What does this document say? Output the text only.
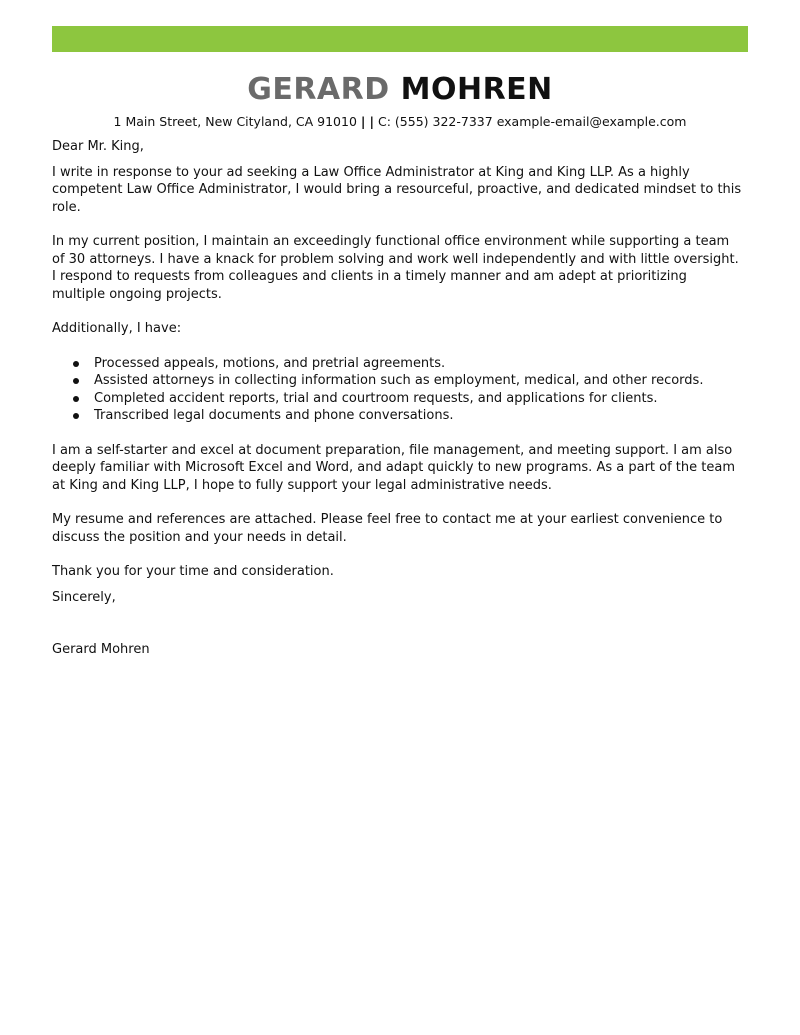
GERARD MOHREN
1 Main Street, New Cityland, CA 91010 | | C: (555) 322-7337 example-email@example.com

Dear Mr. King,

I write in response to your ad seeking a Law Office Administrator at King and King LLP. As a highly competent Law Office Administrator, I would bring a resourceful, proactive, and dedicated mindset to this role.

In my current position, I maintain an exceedingly functional office environment while supporting a team of 30 attorneys. I have a knack for problem solving and work well independently and with little oversight. I respond to requests from colleagues and clients in a timely manner and am adept at prioritizing multiple ongoing projects.

Additionally, I have:

Processed appeals, motions, and pretrial agreements.
Assisted attorneys in collecting information such as employment, medical, and other records.
Completed accident reports, trial and courtroom requests, and applications for clients.
Transcribed legal documents and phone conversations.

I am a self-starter and excel at document preparation, file management, and meeting support. I am also deeply familiar with Microsoft Excel and Word, and adapt quickly to new programs. As a part of the team at King and King LLP, I hope to fully support your legal administrative needs.

My resume and references are attached. Please feel free to contact me at your earliest convenience to discuss the position and your needs in detail.

Thank you for your time and consideration.

Sincerely,

Gerard Mohren
